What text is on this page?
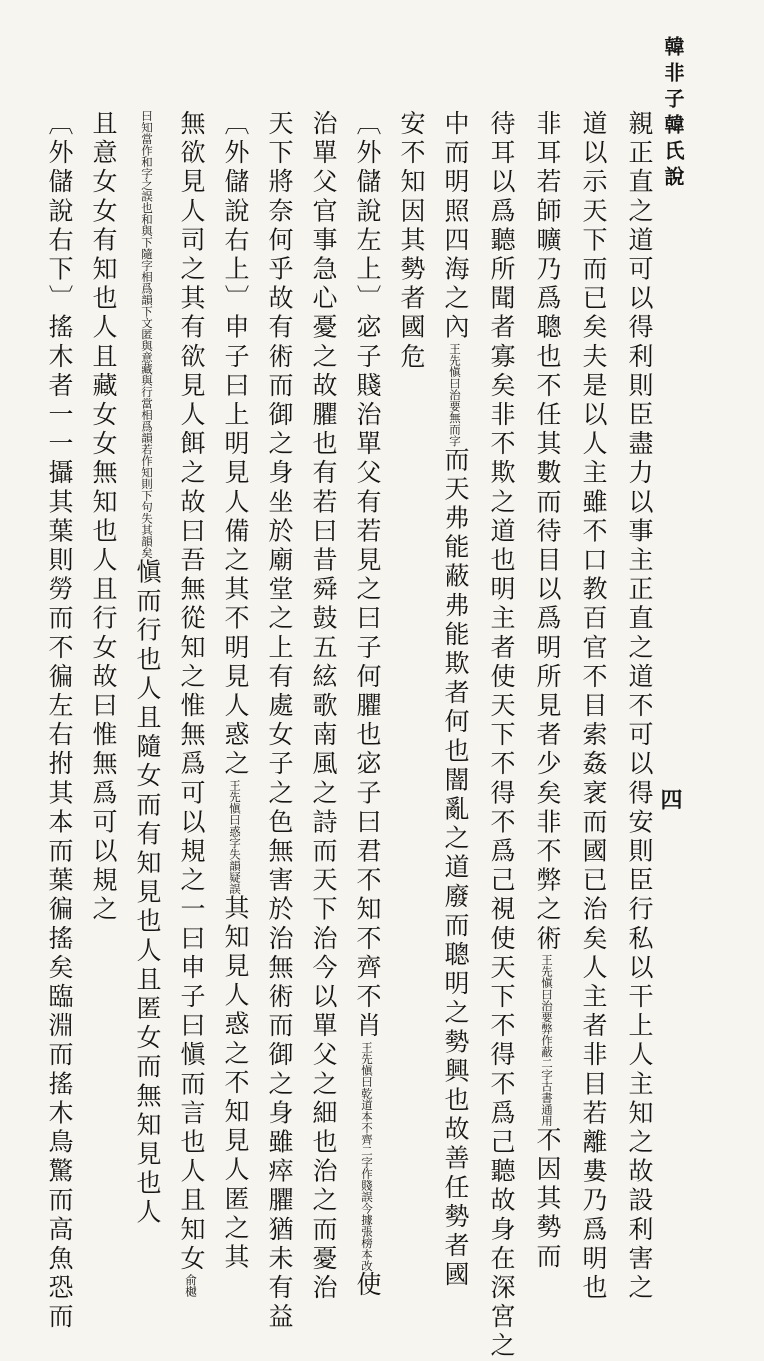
韓非子韓氏說
四
親正直之道可以得利則臣盡力以事主正直之道不可以得安則臣行私以干上人主知之故設利害之
道以示天下而已矣夫是以人主雖不口教百官不目索姦衺而國已治矣人主者非目若離婁乃爲明也
非耳若師曠乃爲聰也不任其數而待目以爲明所見者少矣非不弊之術王先愼曰治要弊作蔽二字古書通用不因其勢而
待耳以爲聽所聞者寡矣非不欺之道也明主者使天下不得不爲己視使天下不得不爲己聽故身在深宮之
中而明照四海之內王先愼曰治要無而字而天弗能蔽弗能欺者何也闇亂之道廢而聰明之勢興也故善任勢者國
安不知因其勢者國危
〔外儲說左上〕宓子賤治單父有若見之曰子何臞也宓子曰君不知不齊不肖王先愼曰乾道本不齊二字作賤誤今據張榜本改使
治單父官事急心憂之故臞也有若曰昔舜鼓五絃歌南風之詩而天下治今以單父之細也治之而憂治
天下將奈何乎故有術而御之身坐於廟堂之上有處女子之色無害於治無術而御之身雖瘁臞猶未有益
〔外儲說右上〕申子曰上明見人備之其不明見人惑之王先愼曰惑字失韻疑誤其知見人惑之不知見人匿之其
無欲見人司之其有欲見人餌之故曰吾無從知之惟無爲可以規之一曰申子曰愼而言也人且知女俞樾
曰知當作和字之誤也和與下隨字相爲韻下文匿與意藏與行當相爲韻若作知則下句失其韻矣愼而行也人且隨女而有知見也人且匿女而無知見也人
且意女女有知也人且藏女女無知也人且行女故曰惟無爲可以規之
〔外儲說右下〕搖木者一一攝其葉則勞而不徧左右拊其本而葉徧搖矣臨淵而搖木鳥驚而高魚恐而
